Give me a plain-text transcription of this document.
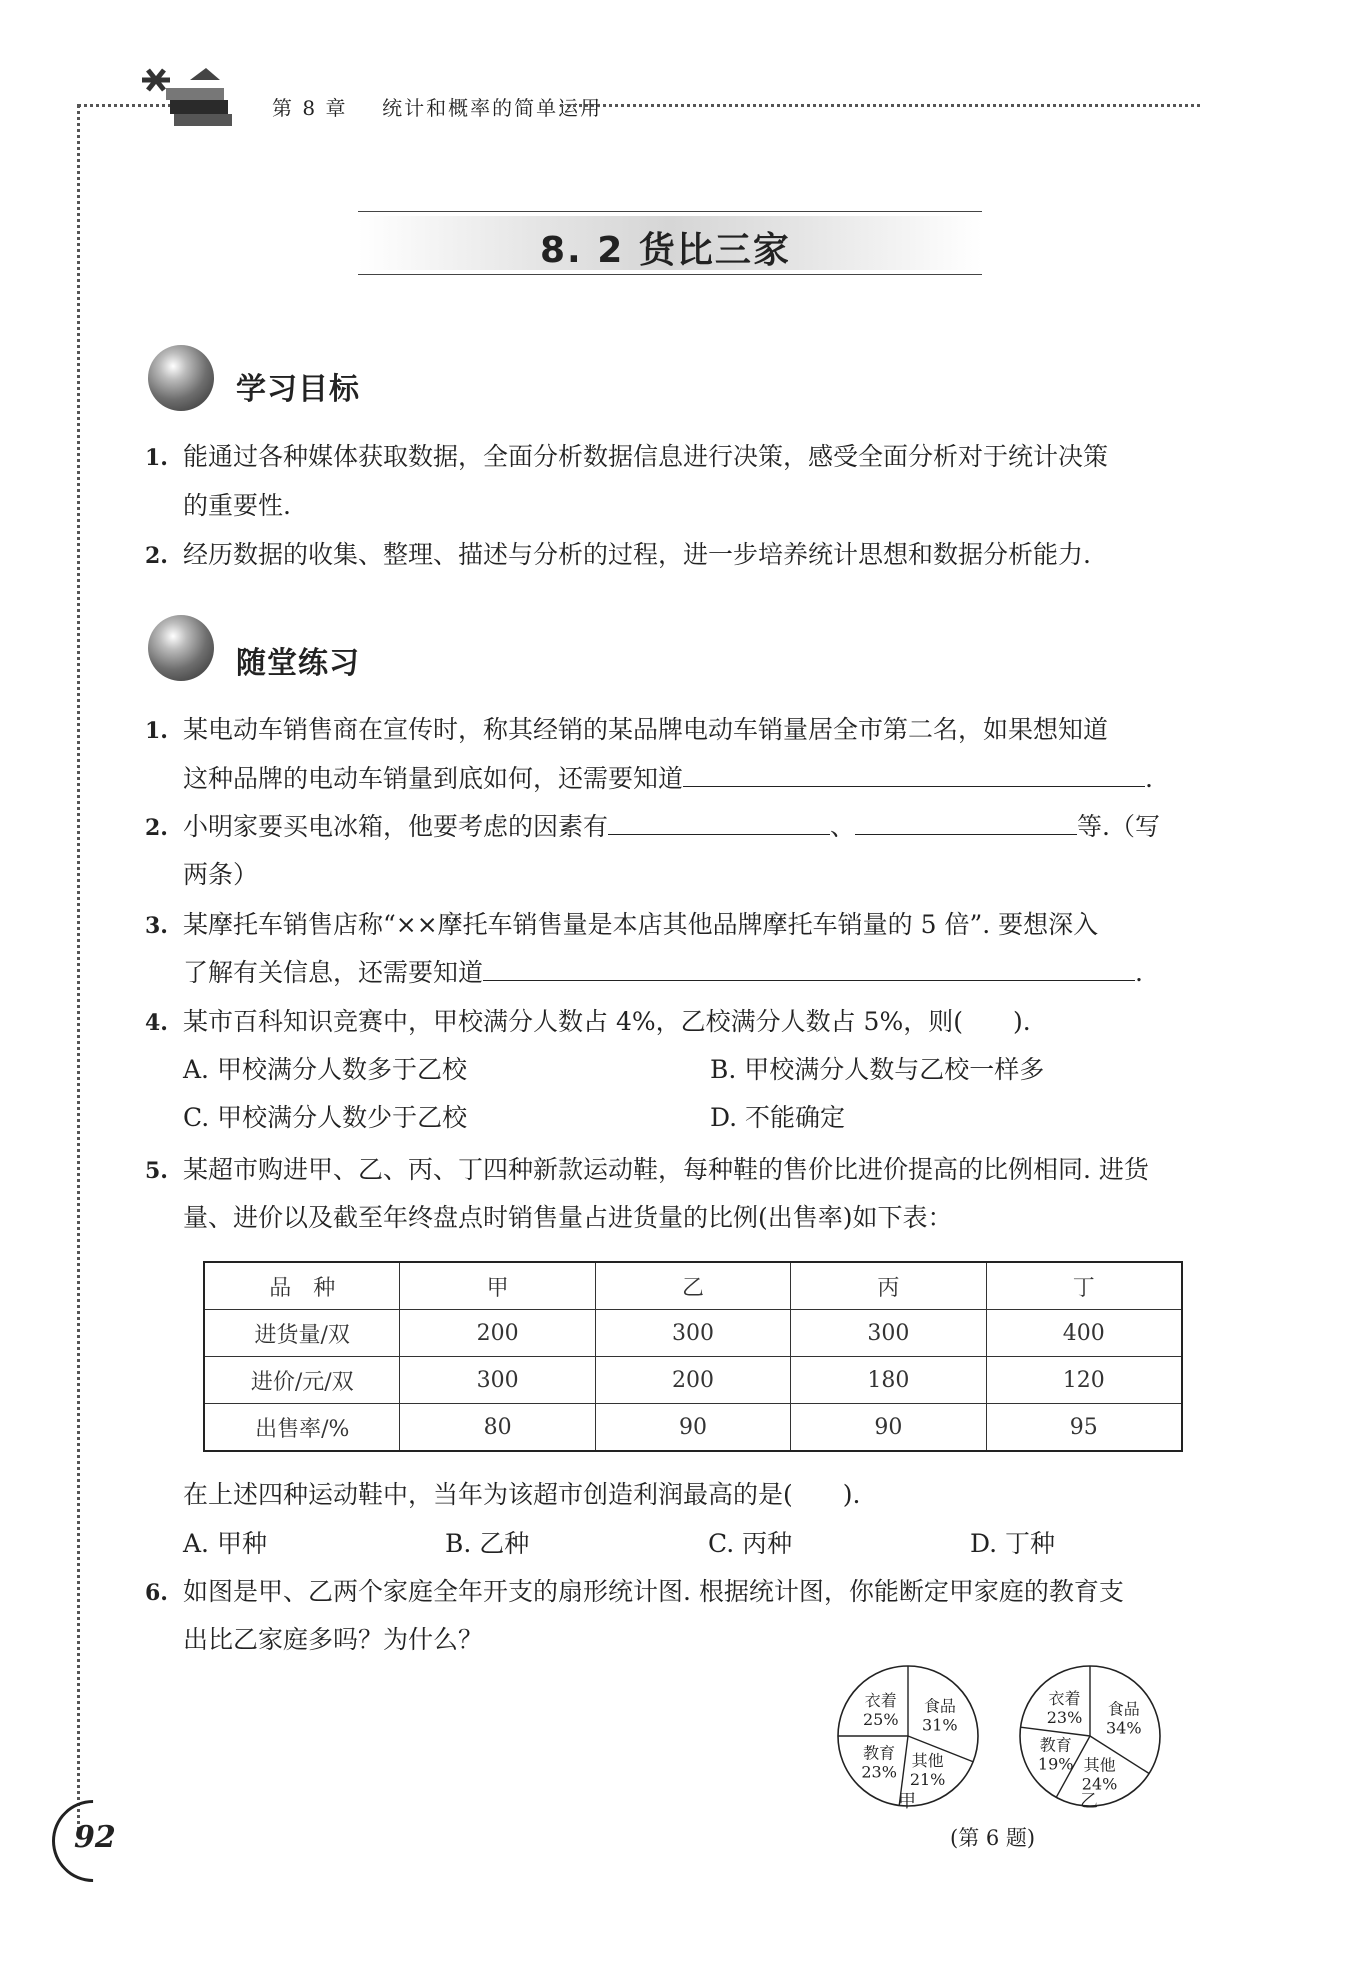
第 8 章 统计和概率的简单运用
8. 2 货比三家
学习目标
1. 能通过各种媒体获取数据，全面分析数据信息进行决策，感受全面分析对于统计决策
的重要性.
2. 经历数据的收集、整理、描述与分析的过程，进一步培养统计思想和数据分析能力.
随堂练习
1. 某电动车销售商在宣传时，称其经销的某品牌电动车销量居全市第二名，如果想知道
这种品牌的电动车销量到底如何，还需要知道	.
2. 小明家要买电冰箱，他要考虑的因素有	、	等.（写
两条）
3. 某摩托车销售店称“××摩托车销售量是本店其他品牌摩托车销量的 5 倍”. 要想深入
了解有关信息，还需要知道	.
4. 某市百科知识竞赛中，甲校满分人数占 4%，乙校满分人数占 5%，则(　　).
A. 甲校满分人数多于乙校	B. 甲校满分人数与乙校一样多
C. 甲校满分人数少于乙校	D. 不能确定
5. 某超市购进甲、乙、丙、丁四种新款运动鞋，每种鞋的售价比进价提高的比例相同. 进货
量、进价以及截至年终盘点时销售量占进货量的比例(出售率)如下表：
品　种	甲	乙	丙	丁
进货量/双	200	300	300	400
进价/元/双	300	200	180	120
出售率/%	80	90	90	95
在上述四种运动鞋中，当年为该超市创造利润最高的是(　　).
A. 甲种	B. 乙种	C. 丙种	D. 丁种
6. 如图是甲、乙两个家庭全年开支的扇形统计图. 根据统计图，你能断定甲家庭的教育支
出比乙家庭多吗？为什么？
食品
31%
其他
21%
教育
23%
衣着
25%
食品
34%
其他
24%
教育
19%
衣着
23%
甲	乙
(第 6 题)
92
